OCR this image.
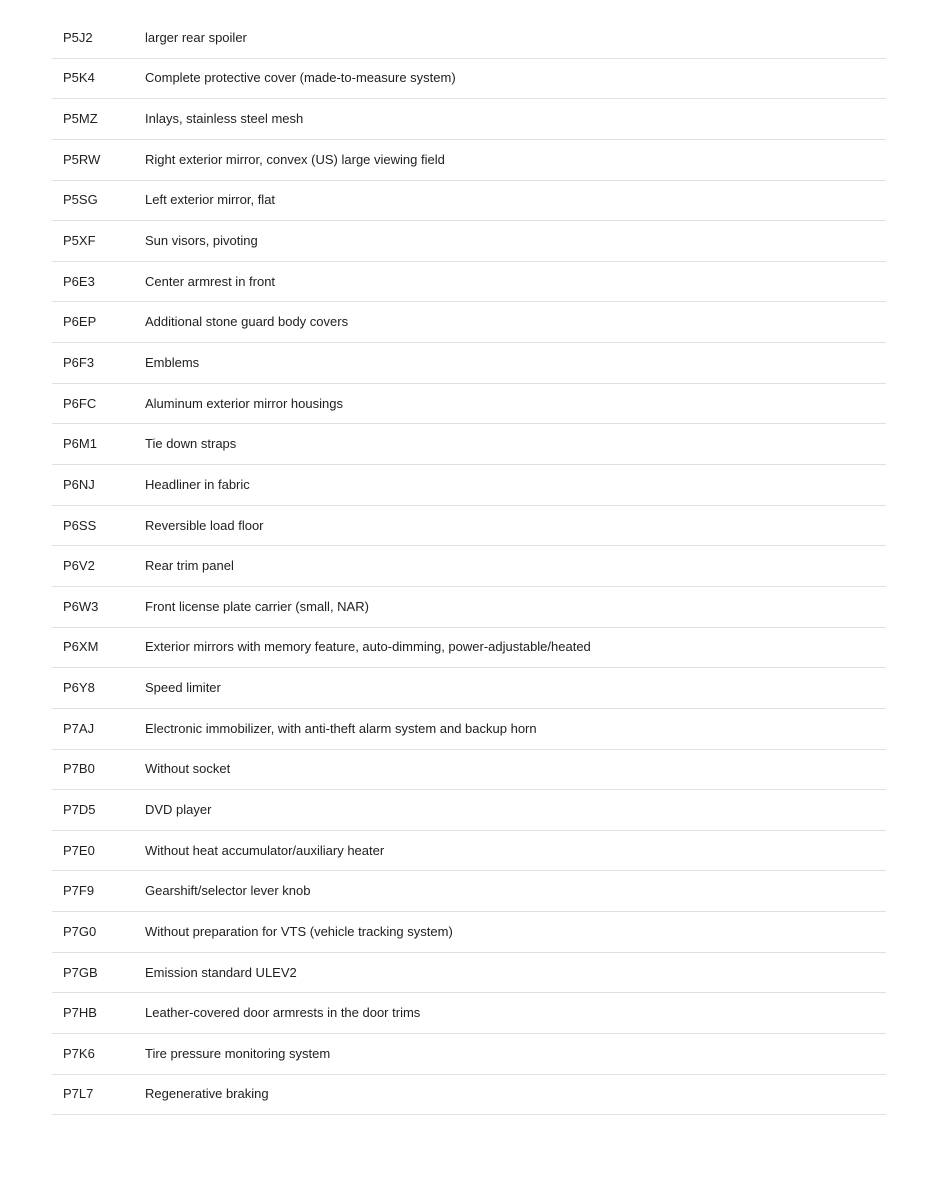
P5J2	larger rear spoiler
P5K4	Complete protective cover (made-to-measure system)
P5MZ	Inlays, stainless steel mesh
P5RW	Right exterior mirror, convex (US) large viewing field
P5SG	Left exterior mirror, flat
P5XF	Sun visors, pivoting
P6E3	Center armrest in front
P6EP	Additional stone guard body covers
P6F3	Emblems
P6FC	Aluminum exterior mirror housings
P6M1	Tie down straps
P6NJ	Headliner in fabric
P6SS	Reversible load floor
P6V2	Rear trim panel
P6W3	Front license plate carrier (small, NAR)
P6XM	Exterior mirrors with memory feature, auto-dimming, power-adjustable/heated
P6Y8	Speed limiter
P7AJ	Electronic immobilizer, with anti-theft alarm system and backup horn
P7B0	Without socket
P7D5	DVD player
P7E0	Without heat accumulator/auxiliary heater
P7F9	Gearshift/selector lever knob
P7G0	Without preparation for VTS (vehicle tracking system)
P7GB	Emission standard ULEV2
P7HB	Leather-covered door armrests in the door trims
P7K6	Tire pressure monitoring system
P7L7	Regenerative braking
